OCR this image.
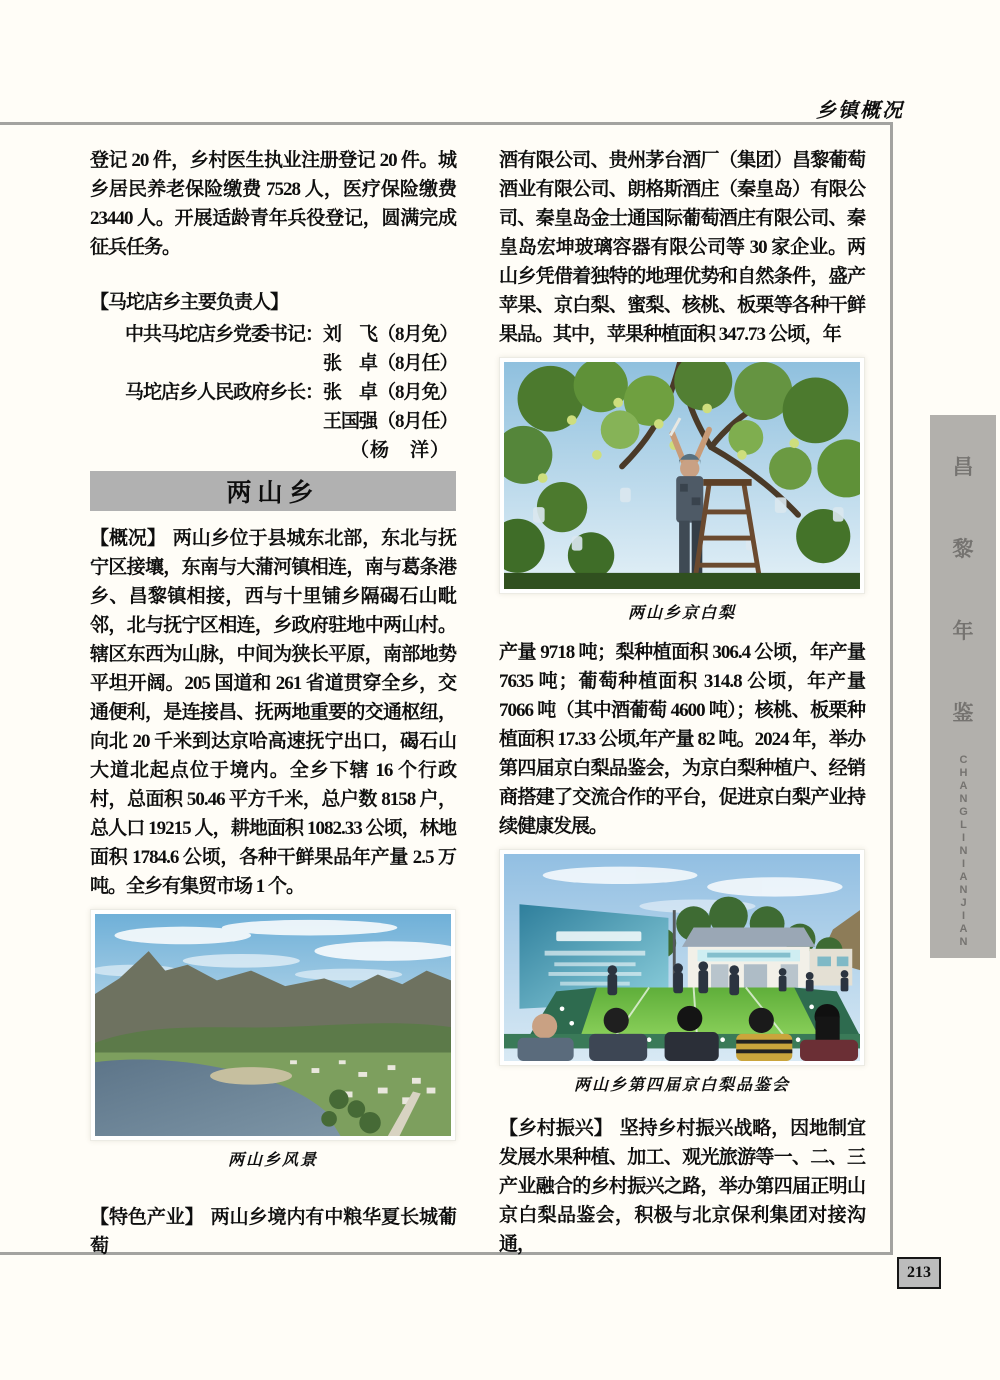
乡镇概况

登记 20 件，乡村医生执业注册登记 20 件。城乡居民养老保险缴费 7528 人，医疗保险缴费 23440 人。开展适龄青年兵役登记，圆满完成征兵任务。

【马坨店乡主要负责人】
中共马坨店乡党委书记： 刘　飞（8月免）
张　卓（8月任）
马坨店乡人民政府乡长： 张　卓（8月免）
王国强（8月任）
（杨　洋）
两山乡

【概况】 两山乡位于县城东北部，东北与抚宁区接壤，东南与大蒲河镇相连，南与葛条港乡、昌黎镇相接，西与十里铺乡隔碣石山毗邻，北与抚宁区相连，乡政府驻地中两山村。辖区东西为山脉，中间为狭长平原，南部地势平坦开阔。205 国道和 261 省道贯穿全乡，交通便利，是连接昌、抚两地重要的交通枢纽，向北 20 千米到达京哈高速抚宁出口，碣石山大道北起点位于境内。全乡下辖 16 个行政村，总面积 50.46 平方千米，总户数 8158 户，总人口 19215 人，耕地面积 1082.33 公顷，林地面积 1784.6 公顷，各种干鲜果品年产量 2.5 万吨。全乡有集贸市场 1 个。

两山乡风景

【特色产业】 两山乡境内有中粮华夏长城葡萄

酒有限公司、贵州茅台酒厂（集团）昌黎葡萄酒业有限公司、朗格斯酒庄（秦皇岛）有限公司、秦皇岛金士通国际葡萄酒庄有限公司、秦皇岛宏坤玻璃容器有限公司等 30 家企业。两山乡凭借着独特的地理优势和自然条件，盛产苹果、京白梨、蜜梨、核桃、板栗等各种干鲜果品。其中，苹果种植面积 347.73 公顷，年

两山乡京白梨

产量 9718 吨；梨种植面积 306.4 公顷，年产量 7635 吨；葡萄种植面积 314.8 公顷，年产量 7066 吨（其中酒葡萄 4600 吨）；核桃、板栗种植面积 17.33 公顷,年产量 82 吨。2024 年，举办第四届京白梨品鉴会，为京白梨种植户、经销商搭建了交流合作的平台，促进京白梨产业持续健康发展。

两山乡第四届京白梨品鉴会

【乡村振兴】 坚持乡村振兴战略，因地制宜发展水果种植、加工、观光旅游等一、二、三产业融合的乡村振兴之路，举办第四届正明山京白梨品鉴会，积极与北京保利集团对接沟通，

昌
黎
年
鉴
CHANGLINIANJIAN
213
